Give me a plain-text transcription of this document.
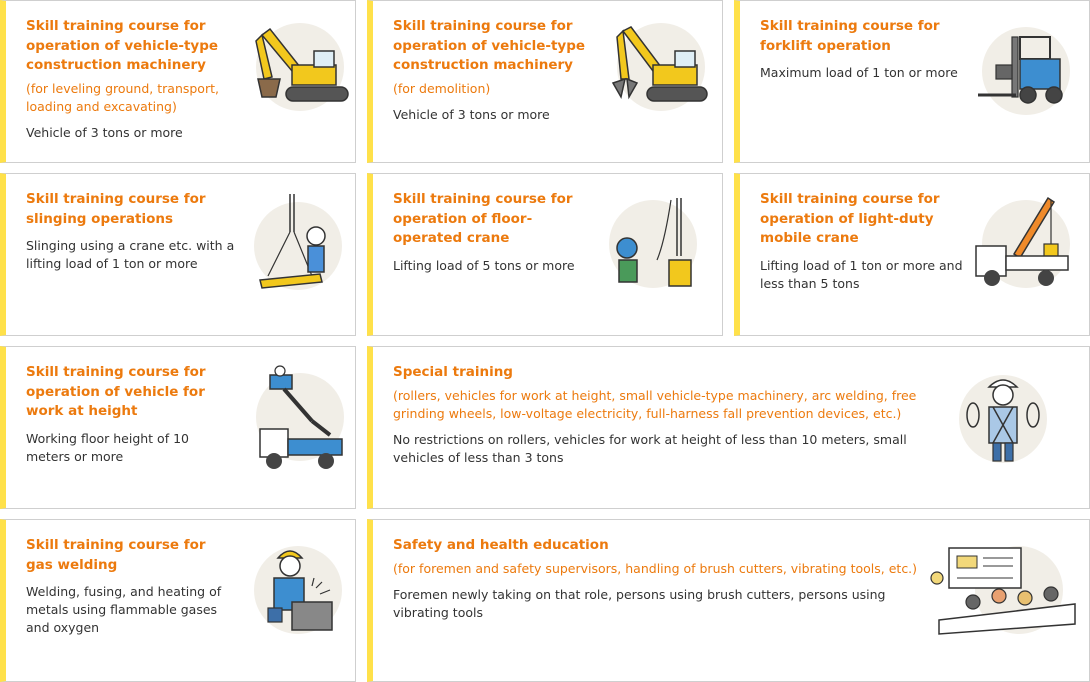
Skill training course for operation of vehicle-type construction machinery

(for leveling ground, transport, loading and excavating)

Vehicle of 3 tons or more

Skill training course for operation of vehicle-type construction machinery

(for demolition)

Vehicle of 3 tons or more

Skill training course for forklift operation

Maximum load of 1 ton or more

Skill training course for slinging operations

Slinging using a crane etc. with a lifting load of 1 ton or more

Skill training course for operation of floor-operated crane

Lifting load of 5 tons or more

Skill training course for operation of light-duty mobile crane

Lifting load of 1 ton or more and less than 5 tons

Skill training course for operation of vehicle for work at height

Working floor height of 10 meters or more

Special training

(rollers, vehicles for work at height, small vehicle-type machinery, arc welding, free grinding wheels, low-voltage electricity, full-harness fall prevention devices, etc.)

No restrictions on rollers, vehicles for work at height of less than 10 meters, small vehicles of less than 3 tons

Skill training course for gas welding

Welding, fusing, and heating of metals using flammable gases and oxygen

Safety and health education

(for foremen and safety supervisors, handling of brush cutters, vibrating tools, etc.)

Foremen newly taking on that role, persons using brush cutters, persons using vibrating tools
